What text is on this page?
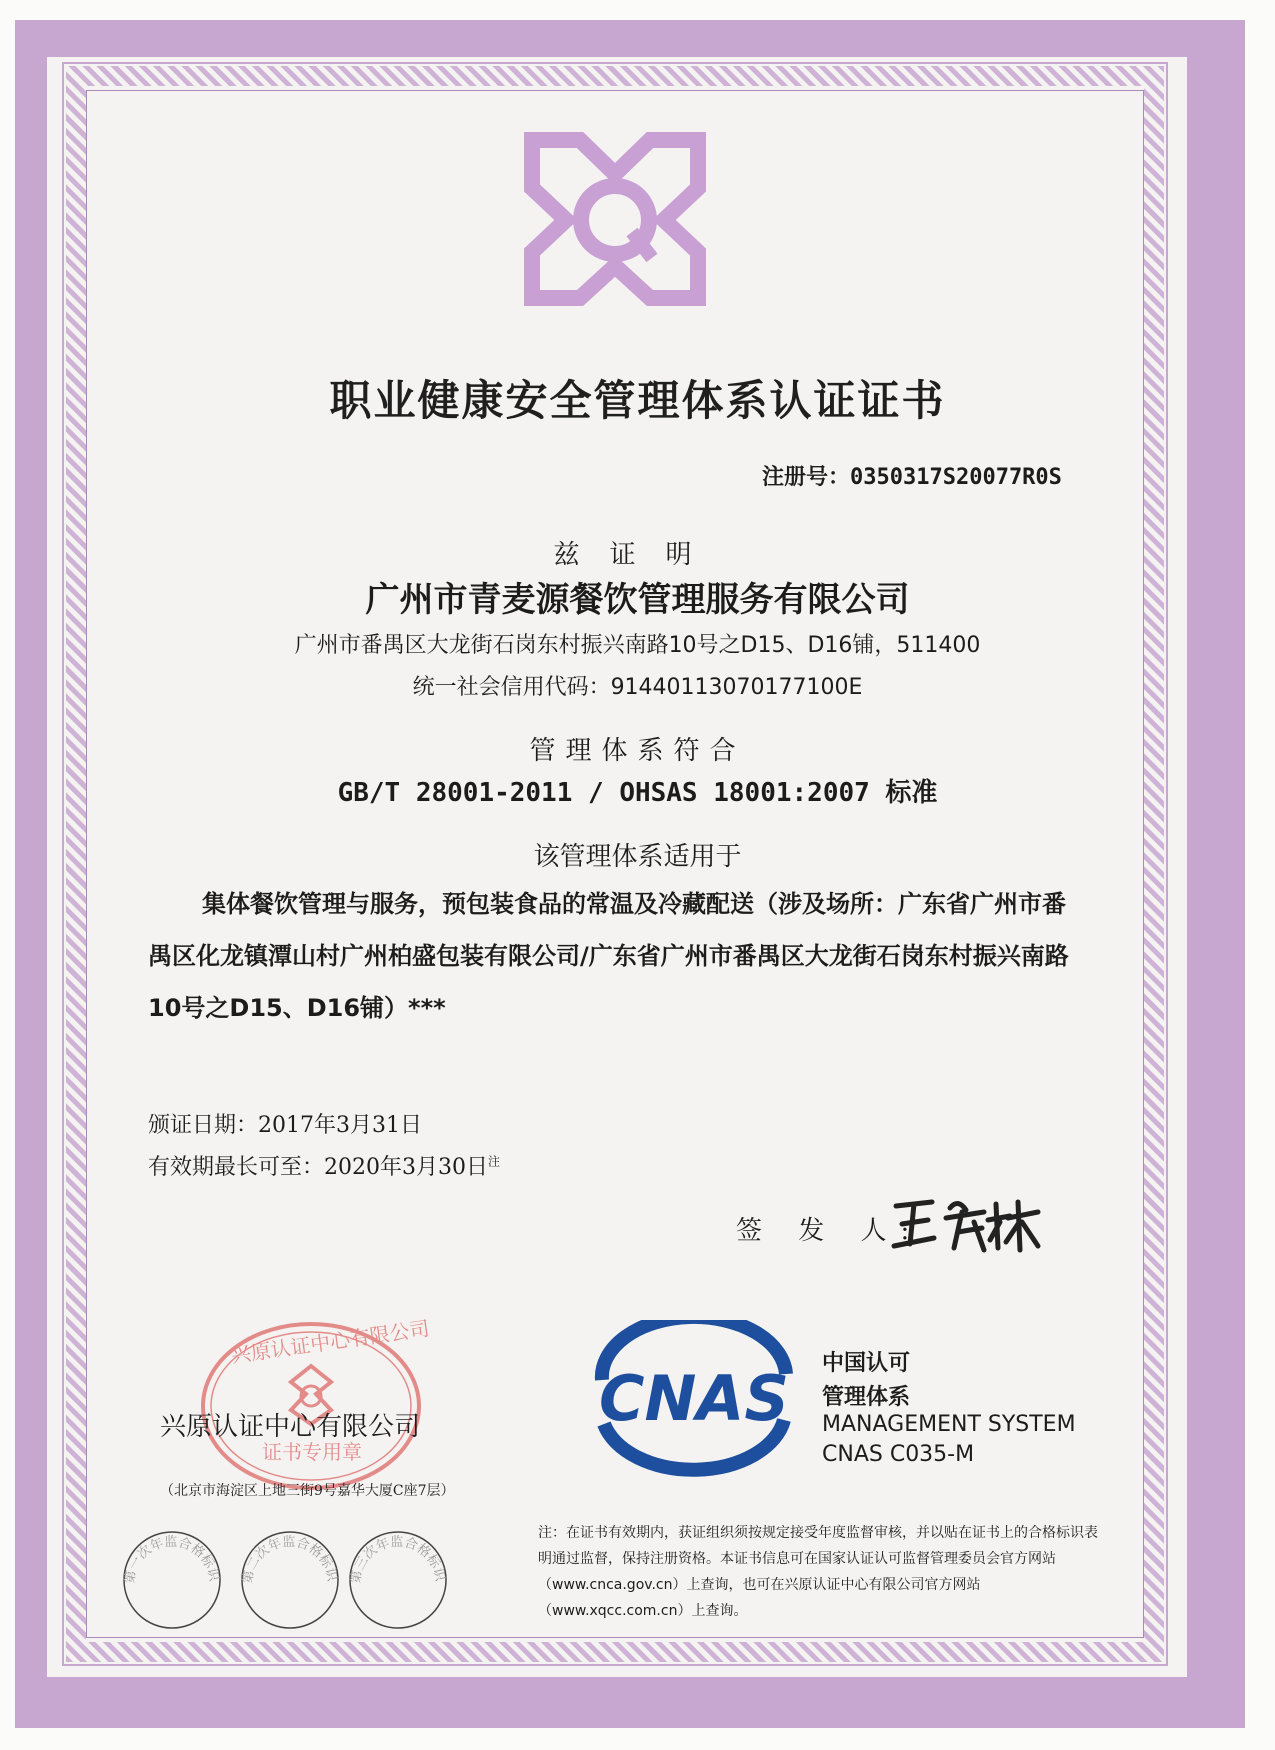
职业健康安全管理体系认证证书
注册号：0350317S20077R0S
兹证明
广州市青麦源餐饮管理服务有限公司
广州市番禺区大龙街石岗东村振兴南路10号之D15、D16铺，511400
统一社会信用代码：91440113070177100E
管理体系符合
GB/T 28001-2011 / OHSAS 18001:2007 标准
该管理体系适用于
集体餐饮管理与服务，预包装食品的常温及冷藏配送（涉及场所：广东省广州市番禺区化龙镇潭山村广州柏盛包装有限公司/广东省广州市番禺区大龙街石岗东村振兴南路10号之D15、D16铺）***
颁证日期：2017年3月31日
有效期最长可至：2020年3月30日$^注$
签 发 人:
兴原认证中心有限公司
证书专用章
兴原认证中心有限公司
（北京市海淀区上地三街9号嘉华大厦C座7层）
CNAS	中国认可
管理体系
MANAGEMENT SYSTEM
CNAS C035-M
第一次年监合格标识	第二次年监合格标识 第三次年监合格标识
注：在证书有效期内，获证组织须按规定接受年度监督审核，并以贴在证书上的合格标识表明通过监督，保持注册资格。本证书信息可在国家认证认可监督管理委员会官方网站（www.cnca.gov.cn）上查询，也可在兴原认证中心有限公司官方网站（www.xqcc.com.cn）上查询。
